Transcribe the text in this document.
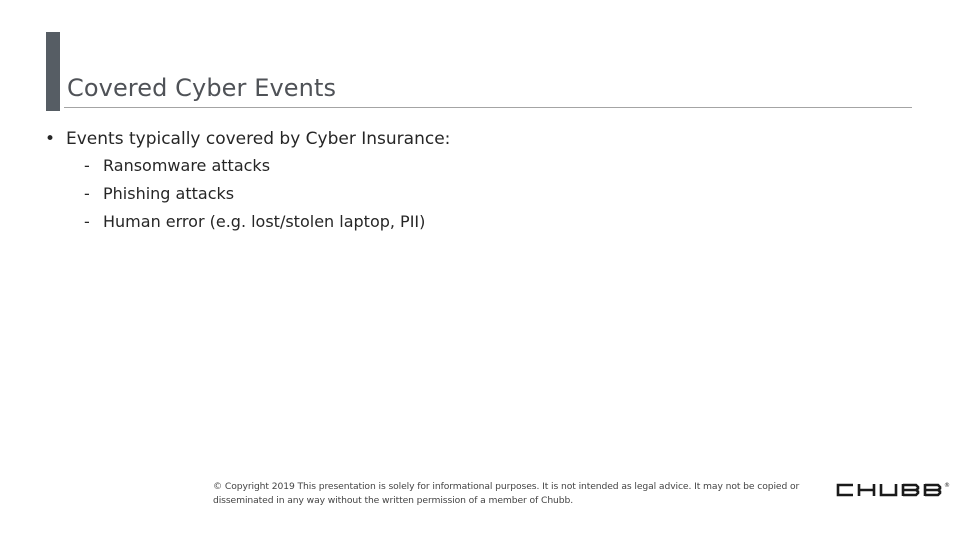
Covered Cyber Events
• Events typically covered by Cyber Insurance:
- Ransomware attacks
- Phishing attacks
- Human error (e.g. lost/stolen laptop, PII)
© Copyright 2019 This presentation is solely for informational purposes. It is not intended as legal advice. It may not be copied or
disseminated in any way without the written permission of a member of Chubb.
®
